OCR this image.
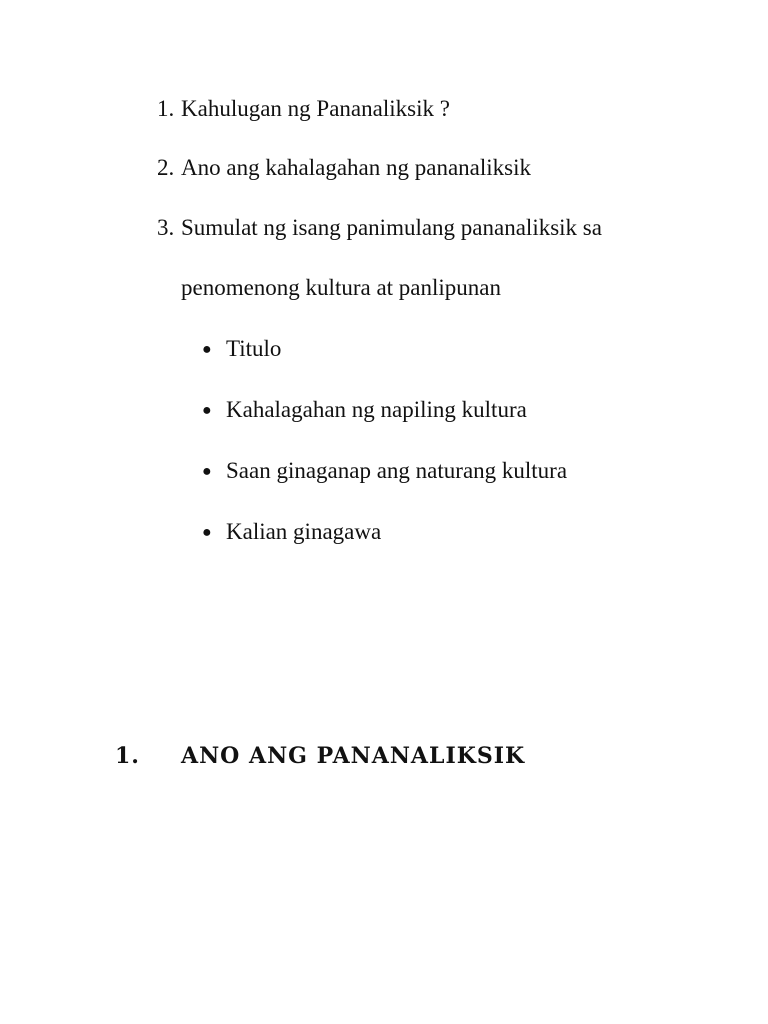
1. Kahulugan ng Pananaliksik ?
2. Ano ang kahalagahan ng pananaliksik
3. Sumulat ng isang panimulang pananaliksik sa
penomenong kultura at panlipunan
● Titulo
● Kahalagahan ng napiling kultura
● Saan ginaganap ang naturang kultura
● Kalian ginagawa
1. ANO ANG PANANALIKSIK
